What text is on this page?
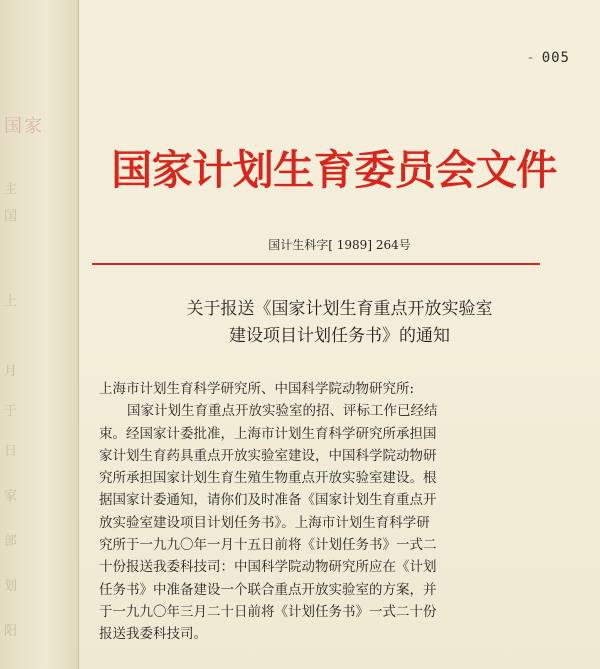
国家
主
国
上
月
于
日
家
部
划
阳
- 005
国家计划生育委员会文件
国计生科字[ 1989] 264号
关于报送《国家计划生育重点开放实验室
建设项目计划任务书》的通知
上海市计划生育科学研究所、中国科学院动物研究所:
国家计划生育重点开放实验室的招、评标工作已经结
束。经国家计委批准，上海市计划生育科学研究所承担国
家计划生育药具重点开放实验室建设，中国科学院动物研
究所承担国家计划生育生殖生物重点开放实验室建设。根
据国家计委通知，请你们及时准备《国家计划生育重点开
放实验室建设项目计划任务书》。上海市计划生育科学研
究所于一九九〇年一月十五日前将《计划任务书》一式二
十份报送我委科技司：中国科学院动物研究所应在《计划
任务书》中准备建设一个联合重点开放实验室的方案，并
于一九九〇年三月二十日前将《计划任务书》一式二十份
报送我委科技司。
